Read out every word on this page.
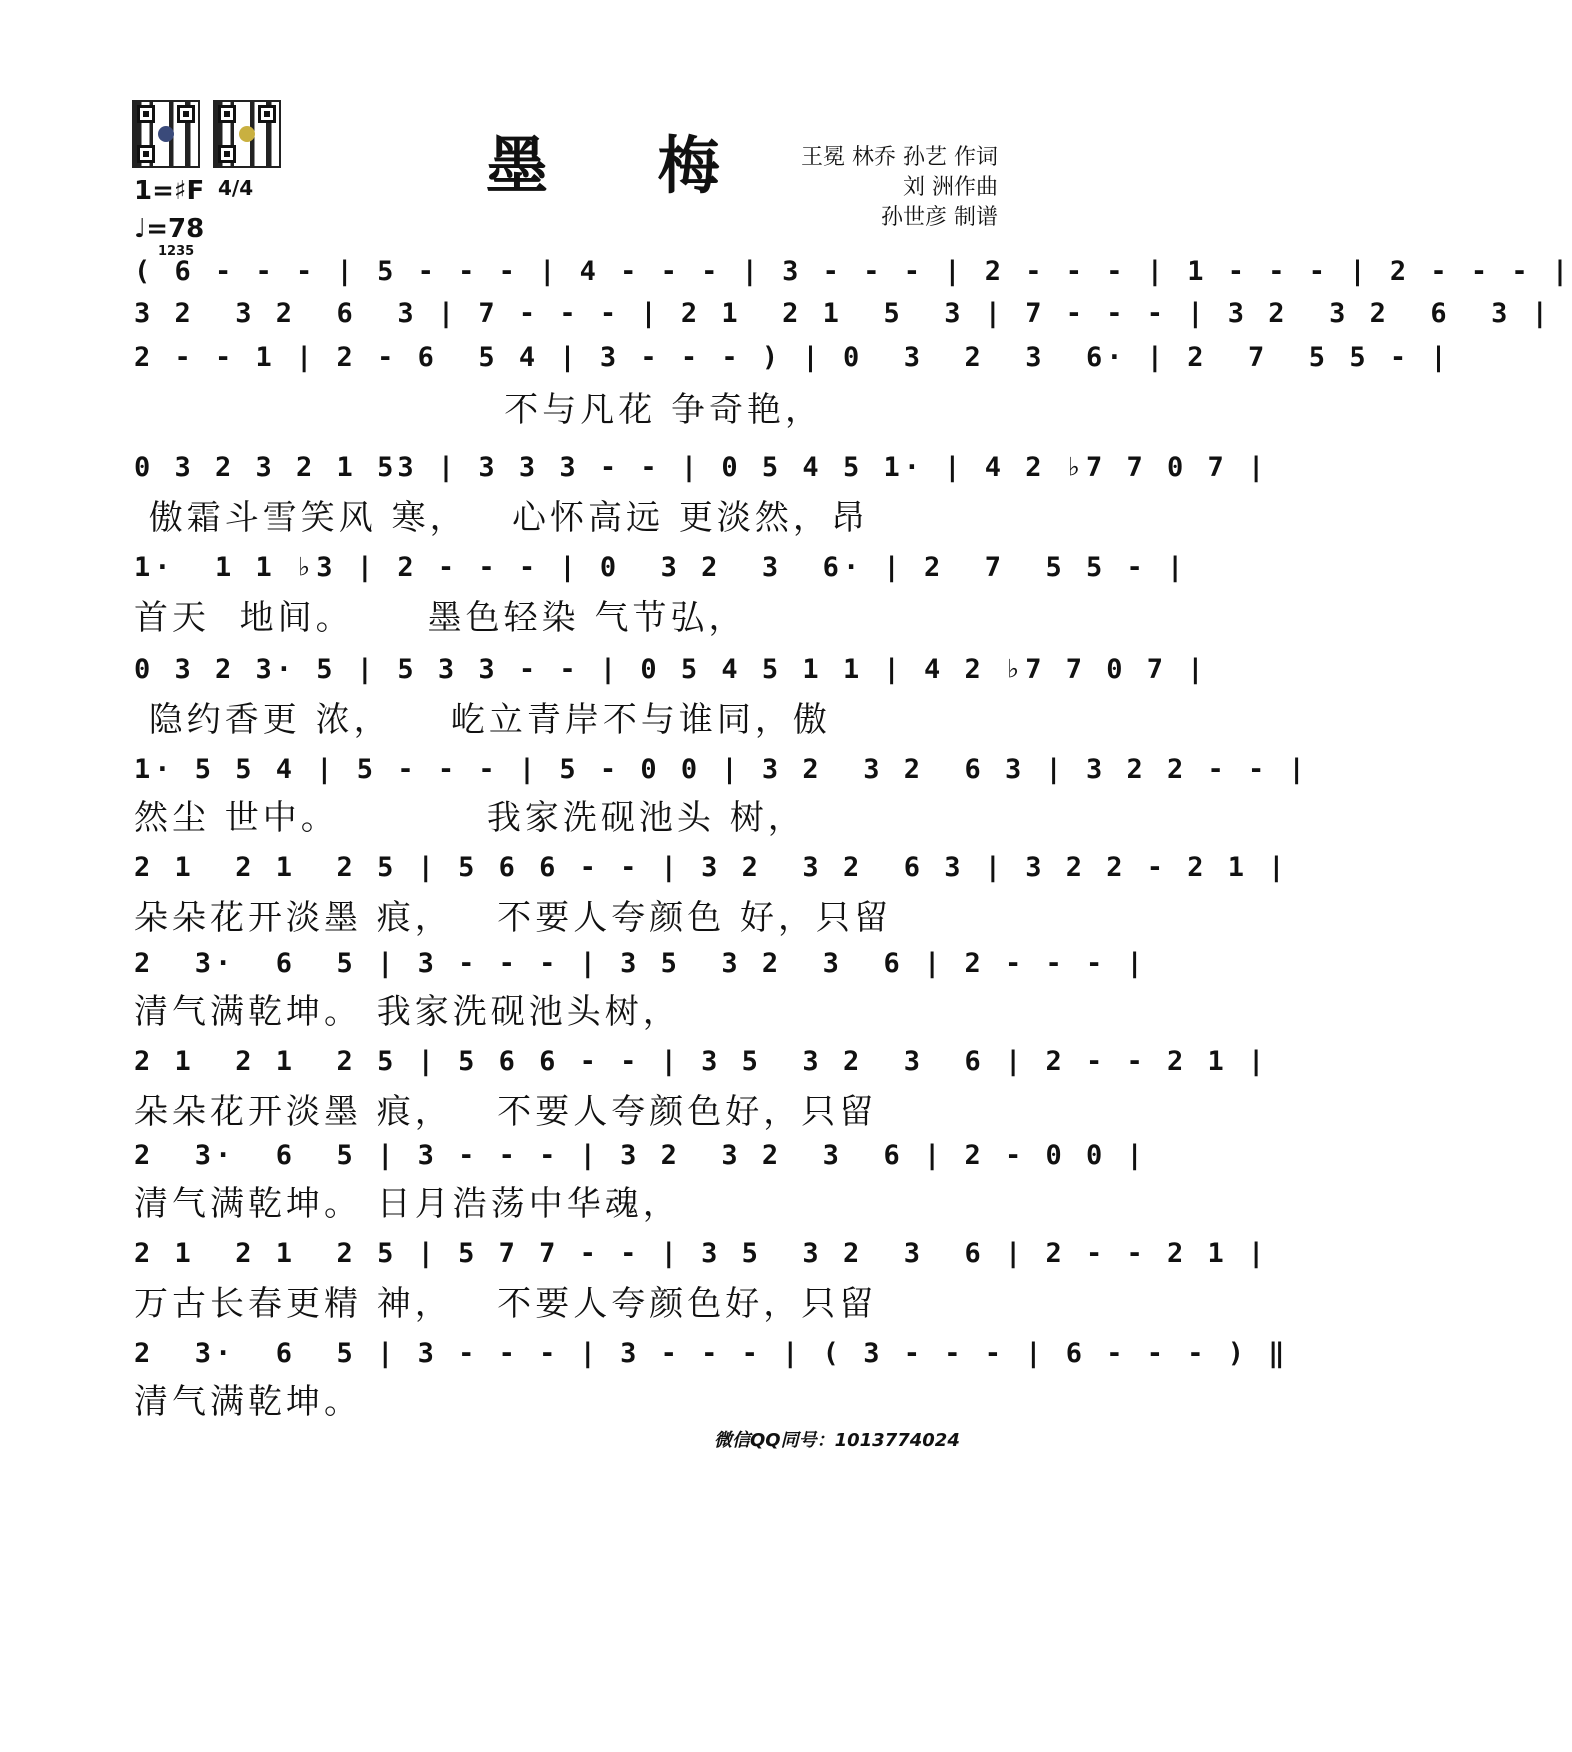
墨 梅 王冕 林乔 孙艺 作词
刘 洲作曲
孙世彦 制谱
1=♯F 4/4
♩=78
1235
( 6 - - - | 5 - - - | 4 - - - | 3 - - - | 2 - - - | 1 - - - | 2 - - - |
3 2  3 2  6  3 | 7 - - - | 2 1  2 1  5  3 | 7 - - - | 3 2  3 2  6  3 |
2 - - 1 | 2 - 6  5 4 | 3 - - - ) | 0  3  2  3  6· | 2  7  5 5 - |
不与凡花 争奇艳，
0 3 2 3 2 1 53 | 3 3 3 - - | 0 5 4 5 1· | 4 2 ♭7 7 0 7 |
傲霜斗雪笑风 寒，   心怀高远 更淡然，昂
1·  1 1 ♭3 | 2 - - - | 0  3 2  3  6· | 2  7  5 5 - |
首天  地间。     墨色轻染 气节弘，
0 3 2 3· 5 | 5 3 3 - - | 0 5 4 5 1 1 | 4 2 ♭7 7 0 7 |
隐约香更 浓，    屹立青岸不与谁同，傲
1· 5 5 4 | 5 - - - | 5 - 0 0 | 3 2  3 2  6 3 | 3 2 2 - - |
然尘 世中。          我家洗砚池头 树，
2 1  2 1  2 5 | 5 6 6 - - | 3 2  3 2  6 3 | 3 2 2 - 2 1 |
朵朵花开淡墨 痕，   不要人夸颜色 好，只留
2  3·  6  5 | 3 - - - | 3 5  3 2  3  6 | 2 - - - |
清气满乾坤。 我家洗砚池头树，
2 1  2 1  2 5 | 5 6 6 - - | 3 5  3 2  3  6 | 2 - - 2 1 |
朵朵花开淡墨 痕，   不要人夸颜色好，只留
2  3·  6  5 | 3 - - - | 3 2  3 2  3  6 | 2 - 0 0 |
清气满乾坤。 日月浩荡中华魂，
2 1  2 1  2 5 | 5 7 7 - - | 3 5  3 2  3  6 | 2 - - 2 1 |
万古长春更精 神，   不要人夸颜色好，只留
2  3·  6  5 | 3 - - - | 3 - - - | ( 3 - - - | 6 - - - ) ‖
清气满乾坤。
微信QQ同号：1013774024
